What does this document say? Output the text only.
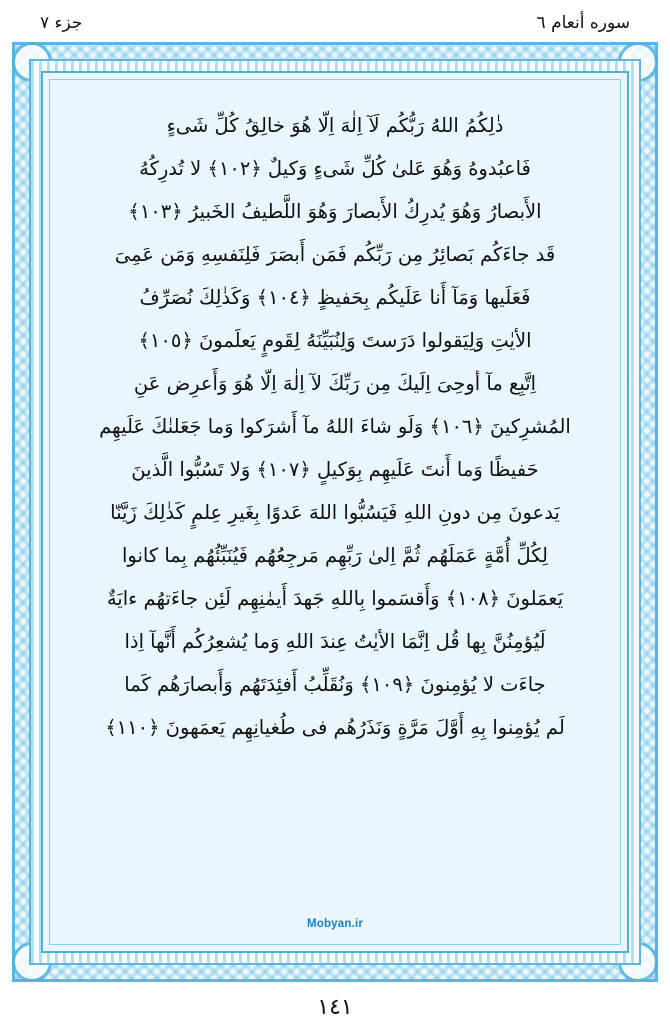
سوره أنعام ٦
جزء ٧
ذٰلِكُمُ اللهُ رَبُّكُم لَآ اِلٰهَ اِلّا هُوَ خالِقُ كُلِّ شَىءٍ
فَاعبُدوهُ وَهُوَ عَلىٰ كُلِّ شَىءٍ وَكيلٌ ﴿١٠٢﴾ لا تُدرِكُهُ
الأَبصارُ وَهُوَ يُدرِكُ الأَبصارَ وَهُوَ اللَّطيفُ الخَبيرُ ﴿١٠٣﴾
قَد جاءَكُم بَصائِرُ مِن رَبِّكُم فَمَن أَبصَرَ فَلِنَفسِهِ وَمَن عَمِىَ
فَعَلَيها وَمَآ أَنا عَلَيكُم بِحَفيظٍ ﴿١٠٤﴾ وَكَذٰلِكَ نُصَرِّفُ
الأيٰتِ وَلِيَقولوا دَرَستَ وَلِنُبَيِّنَهُ لِقَومٍ يَعلَمونَ ﴿١٠٥﴾
اِتَّبِع مآ أوحِىَ اِلَيكَ مِن رَبِّكَ لآ اِلٰهَ اِلّا هُوَ وَأَعرِض عَنِ
المُشرِكينَ ﴿١٠٦﴾ وَلَو شاءَ اللهُ مآ أَشرَكوا وَما جَعَلنٰكَ عَلَيهِم
حَفيظًا وَما أَنتَ عَلَيهِم بِوَكيلٍ ﴿١٠٧﴾ وَلا تَسُبُّوا الَّذينَ
يَدعونَ مِن دونِ اللهِ فَيَسُبُّوا اللهَ عَدوًا بِغَيرِ عِلمٍ كَذٰلِكَ زَيَّنّا
لِكُلِّ أُمَّةٍ عَمَلَهُم ثُمَّ اِلىٰ رَبِّهِم مَرجِعُهُم فَيُنَبِّئُهُم بِما كانوا
يَعمَلونَ ﴿١٠٨﴾ وَأَقسَموا بِاللهِ جَهدَ أَيمٰنِهِم لَئِن جاءَتهُم ءايَةٌ
لَيُؤمِنُنَّ بِها قُل اِنَّمَا الأيٰتُ عِندَ اللهِ وَما يُشعِرُكُم أَنَّهآ اِذا
جاءَت لا يُؤمِنونَ ﴿١٠٩﴾ وَنُقَلِّبُ أَفئِدَتَهُم وَأَبصارَهُم كَما
لَم يُؤمِنوا بِهِ أَوَّلَ مَرَّةٍ وَنَذَرُهُم فى طُغيانِهِم يَعمَهونَ ﴿١١٠﴾
Mobyan.ir
١٤١
